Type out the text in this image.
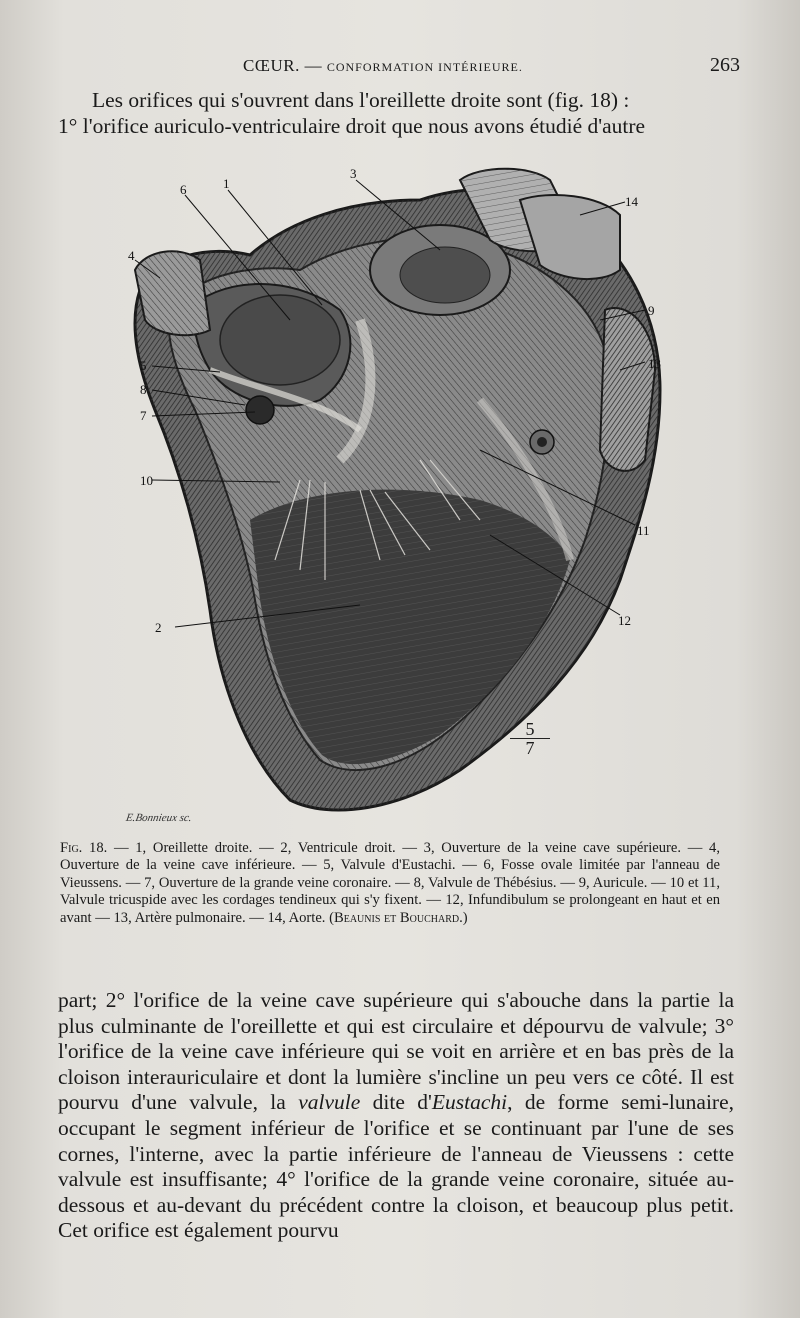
CŒUR. — CONFORMATION INTÉRIEURE.	263

Les orifices qui s'ouvrent dans l'oreillette droite sont (fig. 18) :

1° l'orifice auriculo-ventriculaire droit que nous avons étudié d'autre

1
2
3
4
5
6
7
8
9
10
11
12
13
14
E.Bonnieux sc.
$\frac{5}{7}$
Fig. 18. — 1, Oreillette droite. — 2, Ventricule droit. — 3, Ouverture de la veine cave supérieure. — 4, Ouverture de la veine cave inférieure. — 5, Valvule d'Eustachi. — 6, Fosse ovale limitée par l'anneau de Vieussens. — 7, Ouverture de la grande veine coronaire. — 8, Valvule de Thébésius. — 9, Auricule. — 10 et 11, Valvule tricuspide avec les cordages tendineux qui s'y fixent. — 12, Infundibulum se prolongeant en haut et en avant — 13, Artère pulmonaire. — 14, Aorte. (Beaunis et Bouchard.)

part; 2° l'orifice de la veine cave supérieure qui s'abouche dans la partie la plus culminante de l'oreillette et qui est circulaire et dépourvu de valvule; 3° l'orifice de la veine cave inférieure qui se voit en arrière et en bas près de la cloison interauriculaire et dont la lumière s'incline un peu vers ce côté. Il est pourvu d'une valvule, la valvule dite d'Eustachi, de forme semi-lunaire, occupant le segment inférieur de l'orifice et se continuant par l'une de ses cornes, l'interne, avec la partie inférieure de l'anneau de Vieussens : cette valvule est insuffisante; 4° l'orifice de la grande veine coronaire, située au-dessous et au-devant du précédent contre la cloison, et beaucoup plus petit. Cet orifice est également pourvu
